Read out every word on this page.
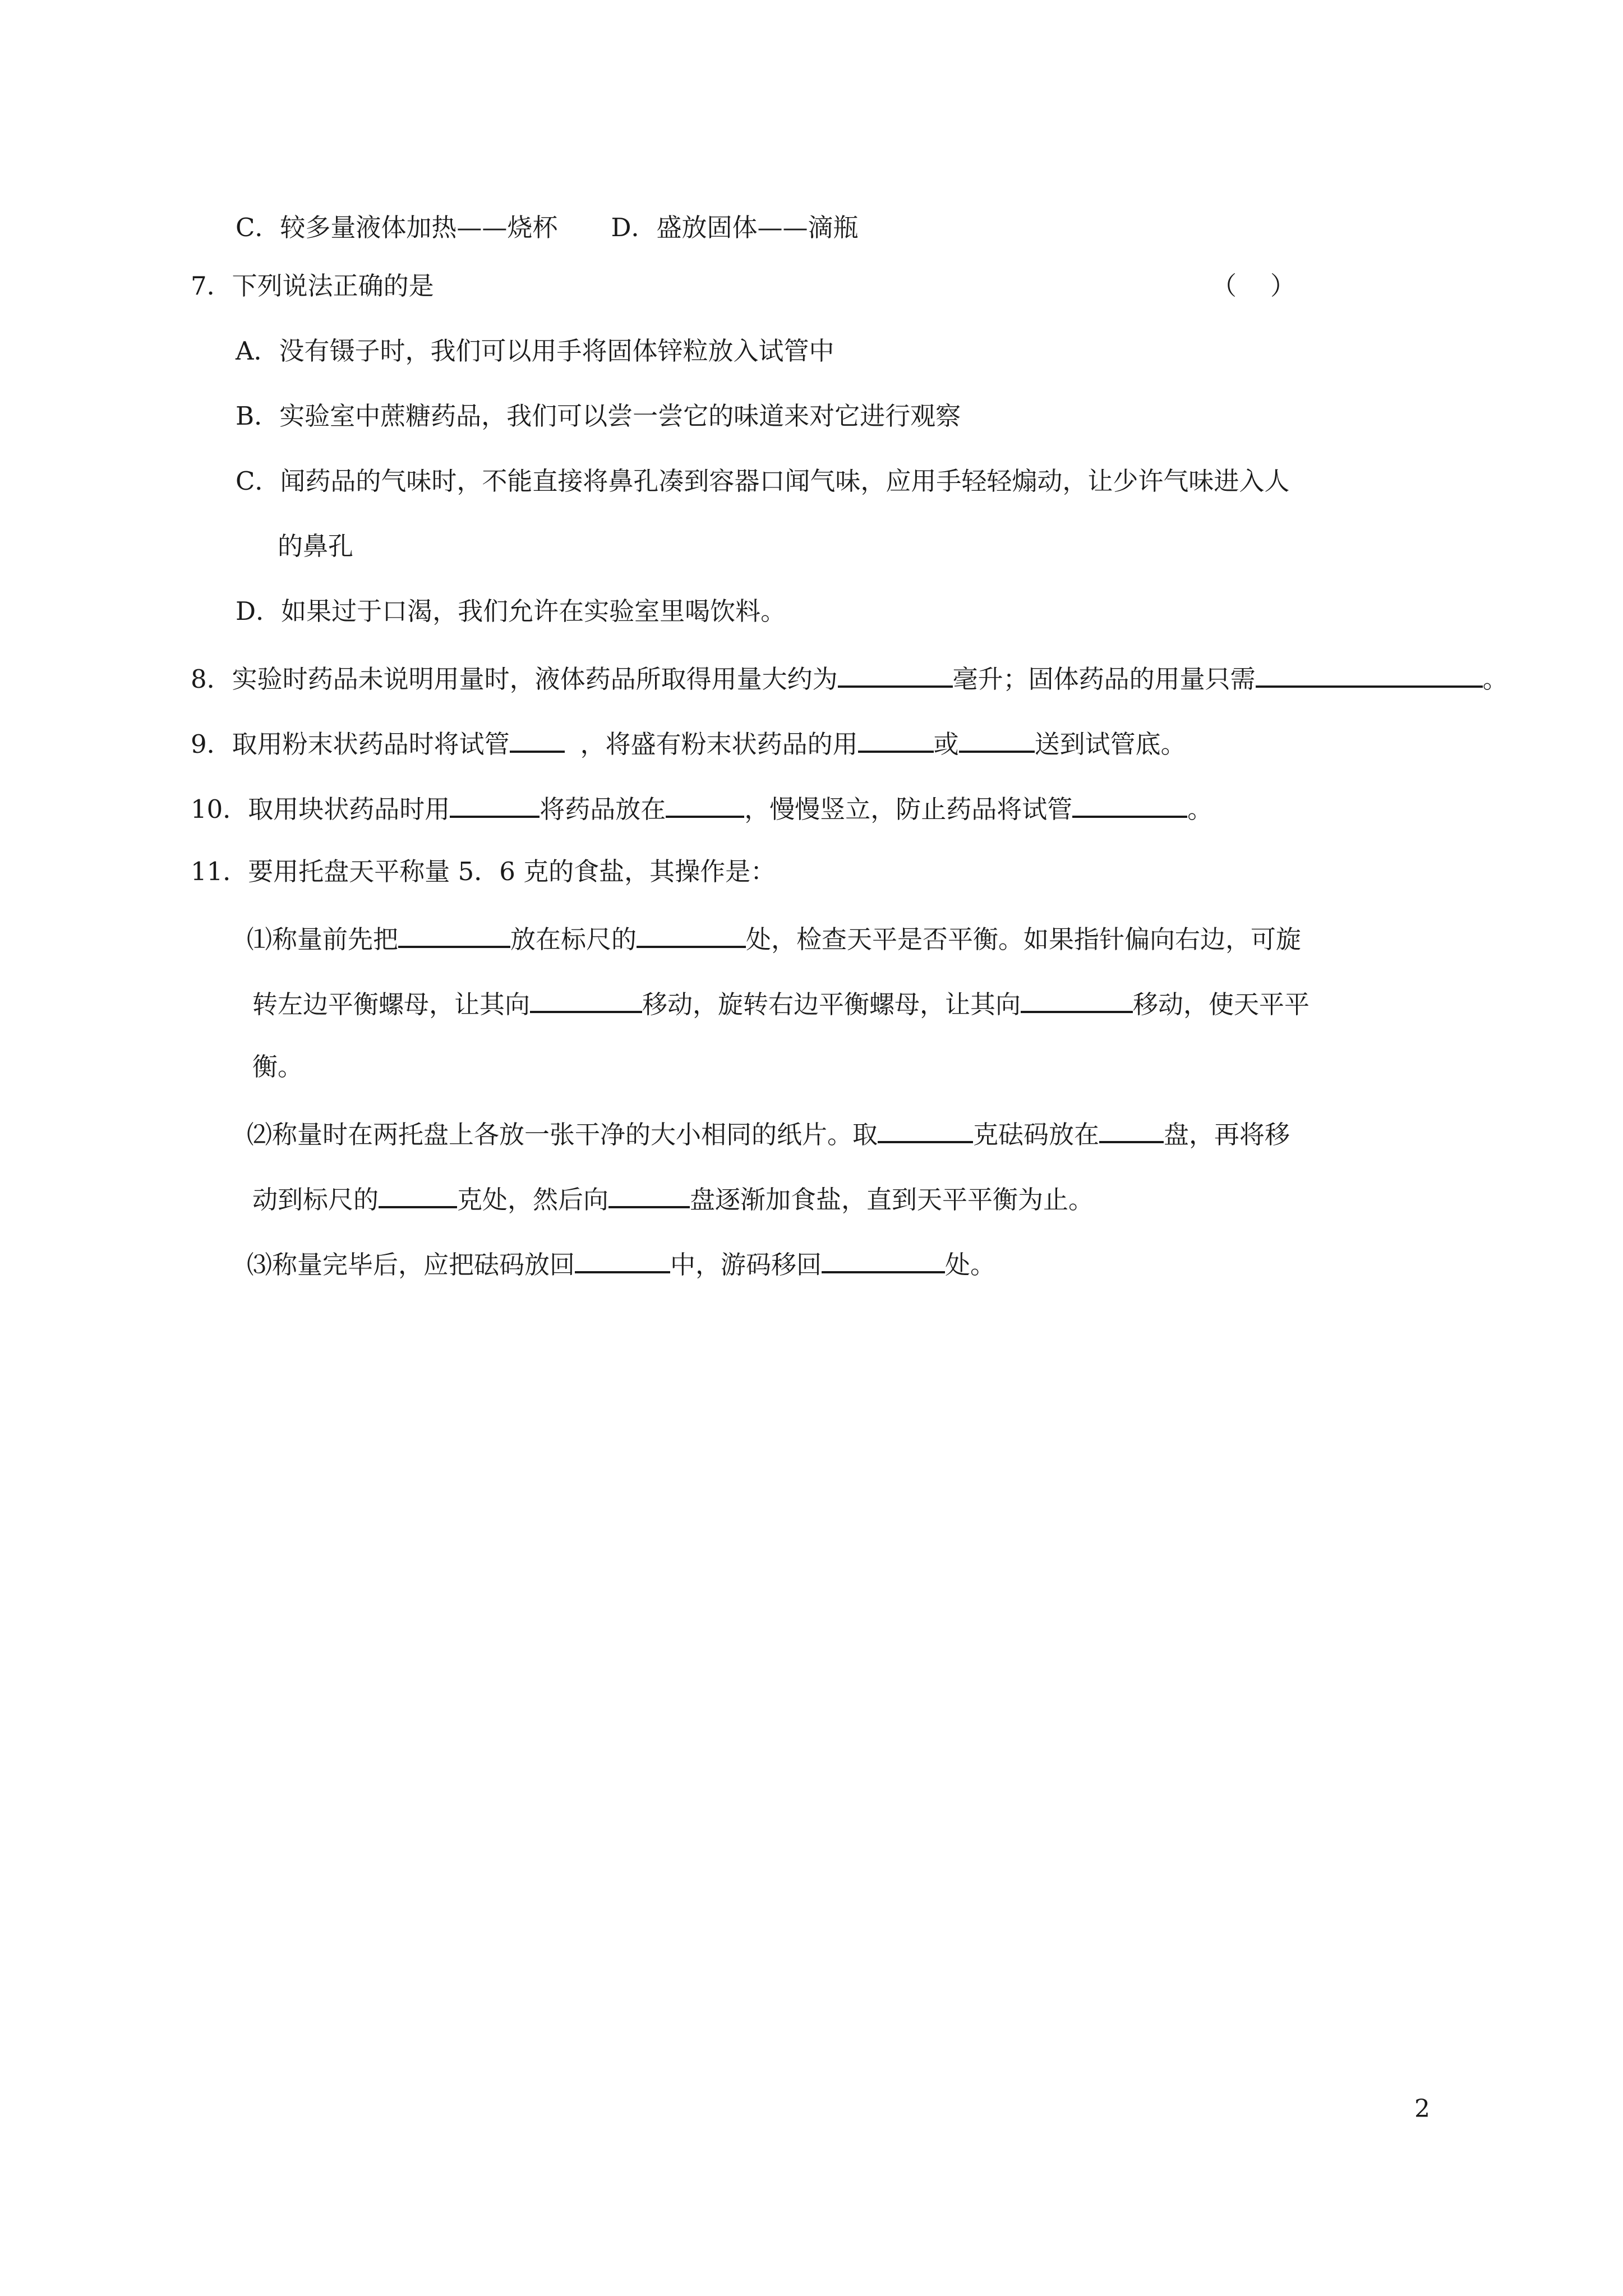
C．较多量液体加热——烧杯 D．盛放固体——滴瓶
7．下列说法正确的是	（ ）
A．没有镊子时，我们可以用手将固体锌粒放入试管中
B．实验室中蔗糖药品，我们可以尝一尝它的味道来对它进行观察
C．闻药品的气味时，不能直接将鼻孔凑到容器口闻气味，应用手轻轻煽动，让少许气味进入人
的鼻孔
D．如果过于口渴，我们允许在实验室里喝饮料。
8．实验时药品未说明用量时，液体药品所取得用量大约为	毫升；固体药品的用量只需	。
9．取用粉末状药品时将试管	，将盛有粉末状药品的用	或	送到试管底。
10．取用块状药品时用	将药品放在	，慢慢竖立，防止药品将试管	。
11．要用托盘天平称量 5．6 克的食盐，其操作是：
⑴称量前先把	放在标尺的	处，检查天平是否平衡。如果指针偏向右边，可旋
转左边平衡螺母，让其向	移动，旋转右边平衡螺母，让其向	移动，使天平平
衡。
⑵称量时在两托盘上各放一张干净的大小相同的纸片。取	克砝码放在	盘，再将移
动到标尺的	克处，然后向	盘逐渐加食盐，直到天平平衡为止。
⑶称量完毕后，应把砝码放回	中，游码移回	处。
2
